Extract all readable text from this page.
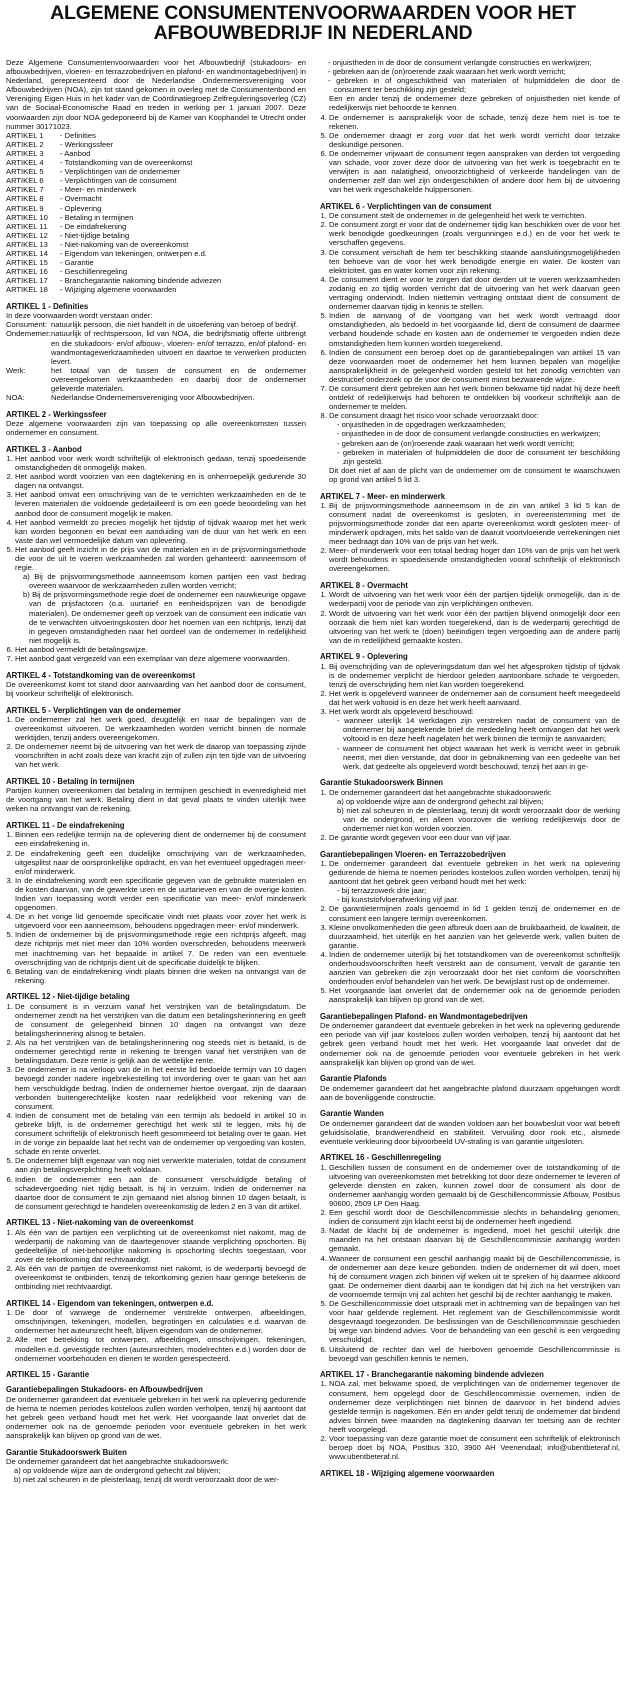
ALGEMENE CONSUMENTENVOORWAARDEN VOOR HET
AFBOUWBEDRIJF IN NEDERLAND

Deze Algemene Consumentenvoorwaarden voor het Afbouwbedrijf (stukadoors- en afbouwbedrijven, vloeren- en terrazzobedrijven en plafond- en wandmontagebedrijven) in Nederland, gerepresenteerd door de Nederlandse Ondernemersvereniging voor Afbouwbedrijven (NOA), zijn tot stand gekomen in overleg met de Consumentenbond en Vereniging Eigen Huis in het kader van de Coördinatiegroep Zelfreguleringsoverleg (CZ) van de Sociaal-Economische Raad en treden in werking per 1 januari 2007. Deze voorwaarden zijn door NOA gedeponeerd bij de Kamer van Koophandel te Utrecht onder nummer 30171023.

ARTIKEL 1	- Definities
ARTIKEL 2	- Werkingssfeer
ARTIKEL 3	- Aanbod
ARTIKEL 4	- Totstandkoming van de overeenkomst
ARTIKEL 5	- Verplichtingen van de ondernemer
ARTIKEL 6	- Verplichtingen van de consument
ARTIKEL 7	- Meer- en minderwerk
ARTIKEL 8	- Overmacht
ARTIKEL 9	- Oplevering
ARTIKEL 10	- Betaling in termijnen
ARTIKEL 11	- De eindafrekening
ARTIKEL 12	- Niet-tijdige betaling
ARTIKEL 13	- Niet-nakoming van de overeenkomst
ARTIKEL 14	- Eigendom van tekeningen, ontwerpen e.d.
ARTIKEL 15	- Garantie
ARTIKEL 16	- Geschillenregeling
ARTIKEL 17	- Branchegarantie nakoming bindende adviezen
ARTIKEL 18	- Wijziging algemene voorwaarden
ARTIKEL 1 - Definities

In deze voorwaarden wordt verstaan onder:

Consument: natuurlijk persoon, die niet handelt in de uitoefening van beroep of bedrijf.
Ondernemer: natuurlijk of rechtspersoon, lid van NOA, die bedrijfsmatig offerte uitbrengt en die stukadoors- en/of afbouw-, vloeren- en/of terrazzo, en/of plafond- en wandmontagewerkzaamheden uitvoert en daartoe te verwerken producten levert.
Werk:	het totaal van de tussen de consument en de ondernemer overeengekomen werkzaamheden en daarbij door de ondernemer geleverde materialen.
NOA:	Nederlandse Ondernemersvereniging voor Afbouwbedrijven.
ARTIKEL 2 - Werkingssfeer

Deze algemene voorwaarden zijn van toepassing op alle overeenkomsten tussen ondernemer en consument.

ARTIKEL 3 - Aanbod
1. Het aanbod voor werk wordt schriftelijk of elektronisch gedaan, tenzij spoedeisende omstandigheden dit onmogelijk maken.
2. Het aanbod wordt voorzien van een dagtekening en is onherroepelijk gedurende 30 dagen na ontvangst.
3. Het aanbod omvat een omschrijving van de te verrichten werkzaamheden en de te leveren materialen die voldoende gedetailleerd is om een goede beoordeling van het aanbod door de consument mogelijk te maken.
4. Het aanbod vermeldt zo precies mogelijk het tijdstip of tijdvak waarop met het werk kan worden begonnen en bevat een aanduiding van de duur van het werk en een vaste dan wel vermoedelijke datum van oplevering.
5. Het aanbod geeft inzicht in de prijs van de materialen en in de prijsvormingsmethode die voor de uit te voeren werkzaamheden zal worden gehanteerd: aanneemsom of regie.
a) Bij de prijsvormingsmethode aanneemsom komen partijen een vast bedrag overeen waarvoor de werkzaamheden zullen worden verricht;
b) Bij de prijsvormingsmethode regie doet de ondernemer een nauwkeurige opgave van de prijsfactoren (o.a. uurtarief en eenheidsprijzen van de benodigde materialen). De ondernemer geeft op verzoek van de consument een indicatie van de te verwachten uitvoeringskosten door het noemen van een richtprijs, tenzij dat in gegeven omstandigheden naar het oordeel van de ondernemer in redelijkheid niet mogelijk is.
6. Het aanbod vermeldt de betalingswijze.
7. Het aanbod gaat vergezeld van een exemplaar van deze algemene voorwaarden.
ARTIKEL 4 - Totstandkoming van de overeenkomst

De overeenkomst komt tot stand door aanvaarding van het aanbod door de consument, bij voorkeur schriftelijk of elektronisch.

ARTIKEL 5 - Verplichtingen van de ondernemer
1. De ondernemer zal het werk goed, deugdelijk en naar de bepalingen van de overeenkomst uitvoeren. De werkzaamheden worden verricht binnen de normale werktijden, tenzij anders overeengekomen.
2. De ondernemer neemt bij de uitvoering van het werk de daarop van toepassing zijnde voorschriften in acht zoals deze van kracht zijn of zullen zijn ten tijde van de uitvoering van het werk.
ARTIKEL 10 - Betaling in termijnen

Partijen kunnen overeenkomen dat betaling in termijnen geschiedt in evenredigheid met de voortgang van het werk. Betaling dient in dat geval plaats te vinden uiterlijk twee weken na ontvangst van de rekening.

ARTIKEL 11 - De eindafrekening
1. Binnen een redelijke termijn na de oplevering dient de ondernemer bij de consument een eindafrekening in.
2. De eindafrekening geeft een duidelijke omschrijving van de werkzaamheden, uitgesplitst naar de oorspronkelijke opdracht, en van het eventueel opgedragen meer- en/of minderwerk.
3. In de eindafrekening wordt een specificatie gegeven van de gebruikte materialen en de kosten daarvan, van de gewerkte uren en de uurtarieven en van de overige kosten. Indien van toepassing wordt verder een specificatie van meer- en/of minderwerk opgenomen.
4. De in het vorige lid genoemde specificatie vindt niet plaats voor zover het werk is uitgevoerd voor een aanneemsom, behoudens opgedragen meer- en/of minderwerk.
5. Indien de ondernemer bij de prijsvormingsmethode regie een richtprijs afgeeft, mag deze richtprijs met niet meer dan 10% worden overschreden, behoudens meerwerk met inachtneming van het bepaalde in artikel 7. De reden van een eventuele overschrijding van de richtprijs dient uit de specificatie duidelijk te blijken.
6. Betaling van de eindafrekening vindt plaats binnen drie weken na ontvangst van de rekening.
ARTIKEL 12 - Niet-tijdige betaling
1. De consument is in verzuim vanaf het verstrijken van de betalingsdatum. De ondernemer zendt na het verstrijken van die datum een betalingsherinnering en geeft de consument de gelegenheid binnen 10 dagen na ontvangst van deze betalingsherinnering alsnog te betalen.
2. Als na het verstrijken van de betalingsherinnering nog steeds niet is betaald, is de ondernemer gerechtigd rente in rekening te brengen vanaf het verstrijken van de betalingsdatum. Deze rente is gelijk aan de wettelijke rente.
3. De ondernemer is na verloop van de in het eerste lid bedoelde termijn van 10 dagen bevoegd zonder nadere ingebrekestelling tot invordering over te gaan van het aan hem verschuldigde bedrag. Indien de ondernemer hiertoe overgaat, zijn de daaraan verbonden buitengerechtelijke kosten naar redelijkheid voor rekening van de consument.
4. Indien de consument met de betaling van een termijn als bedoeld in artikel 10 in gebreke blijft, is de ondernemer gerechtigd het werk stil te leggen, mits hij de consument schriftelijk of elektronisch heeft gesommeerd tot betaling over te gaan. Het in de vorige zin bepaalde laat het recht van de ondernemer op vergoeding van kosten, schade en rente onverlet.
5. De ondernemer blijft eigenaar van nog niet verwerkte materialen, totdat de consument aan zijn betalingsverplichting heeft voldaan.
6. Indien de ondernemer een aan de consument verschuldigde betaling of schadevergoeding niet tijdig betaalt, is hij in verzuim. Indien de ondernemer na daartoe door de consument te zijn gemaand niet alsnog binnen 10 dagen betaalt, is de consument gerechtigd te handelen overeenkomstig de leden 2 en 3 van dit artikel.
ARTIKEL 13 - Niet-nakoming van de overeenkomst
1. Als één van de partijen een verplichting uit de overeenkomst niet nakomt, mag de wederpartij de nakoming van de daartegenover staande verplichting opschorten. Bij gedeeltelijke of niet-behoorlijke nakoming is opschorting slechts toegestaan, voor zover de tekortkoming dat rechtvaardigt.
2. Als één van de partijen de overeenkomst niet nakomt, is de wederpartij bevoegd de overeenkomst te ontbinden, tenzij de tekortkoming gezien haar geringe betekenis de ontbinding niet rechtvaardigt.
ARTIKEL 14 - Eigendom van tekeningen, ontwerpen e.d.
1. De door of vanwege de ondernemer verstrekte ontwerpen, afbeeldingen, omschrijvingen, tekeningen, modellen, begrotingen en calculaties e.d. waarvan de ondernemer het auteursrecht heeft, blijven eigendom van de ondernemer.
2. Alle met betrekking tot ontwerpen, afbeeldingen, omschrijvingen, tekeningen, modellen e.d. gevestigde rechten (auteursrechten, modelrechten e.d.) worden door de ondernemer voorbehouden en dienen te worden gerespecteerd.
ARTIKEL 15 - Garantie
Garantiebepalingen Stukadoors- en Afbouwbedrijven

De ondernemer garandeert dat eventuele gebreken in het werk na oplevering gedurende de hierna te noemen periodes kosteloos zullen worden verholpen, tenzij hij aantoont dat het gebrek geen verband houdt met het werk. Het voorgaande laat onverlet dat de ondernemer ook na de genoemde perioden voor eventuele gebreken in het werk aansprakelijk kan blijven op grond van de wet.

Garantie Stukadoorswerk Buiten

De ondernemer garandeert dat het aangebrachte stukadoorswerk:

a) op voldoende wijze aan de ondergrond gehecht zal blijven;
b) niet zal scheuren in de pleisterlaag, tenzij dit wordt veroorzaakt door de wer-
- onjuistheden in de door de consument verlangde constructies en werkwijzen;
- gebreken aan de (on)roerende zaak waaraan het werk wordt verricht;
- gebreken in of ongeschiktheid van materialen of hulpmiddelen die door de consument ter beschikking zijn gesteld;

Een en ander tenzij de ondernemer deze gebreken of onjuistheden niet kende of redelijkerwijs niet behoorde te kennen.

4. De ondernemer is aansprakelijk voor de schade, tenzij deze hem niet is toe te rekenen.
5. De ondernemer draagt er zorg voor dat het werk wordt verricht door terzake deskundige personen.
6. De ondernemer vrijwaart de consument tegen aanspraken van derden tot vergoeding van schade, voor zover deze door de uitvoering van het werk is toegebracht en te verwijten is aan nalatigheid, onvoorzichtigheid of verkeerde handelingen van de ondernemer zelf dan wel zijn ondergeschikten of andere door hem bij de uitvoering van het werk ingeschakelde hulppersonen.
ARTIKEL 6 - Verplichtingen van de consument
1. De consument stelt de ondernemer in de gelegenheid het werk te verrichten.
2. De consument zorgt er voor dat de ondernemer tijdig kan beschikken over de voor het werk benodigde goedkeuringen (zoals vergunningen e.d.) en de voor het werk te verschaffen gegevens.
3. De consument verschaft de hem ter beschikking staande aansluitingsmogelijkheden ten behoeve van de voor het werk benodigde energie en water. De kosten van elektriciteit, gas en water komen voor zijn rekening.
4. De consument dient er voor te zorgen dat door derden uit te voeren werkzaamheden zodanig en zo tijdig worden verricht dat de uitvoering van het werk daarvan geen vertraging ondervindt. Indien niettemin vertraging ontstaat dient de consument de ondernemer daarvan tijdig in kennis te stellen.
5. Indien de aanvang of de voortgang van het werk wordt vertraagd door omstandigheden, als bedoeld in het voorgaande lid, dient de consument de daarmee verband houdende schade en kosten aan de ondernemer te vergoeden indien deze omstandigheden hem kunnen worden toegerekend.
6. Indien de consument een beroep doet op de garantiebepalingen van artikel 15 van deze voorwaarden moet de ondernemer het hem kunnen bepalen van mogelijke aansprakelijkheid in de gelegenheid worden gesteld tot het zonodig verrichten van destructief onderzoek op de voor de consument minst bezwarende wijze.
7. De consument dient gebreken aan het werk binnen bekwame tijd nadat hij deze heeft ontdekt of redelijkerwijs had behoren te ontdekken bij voorkeur schriftelijk aan de ondernemer te melden.
8. De consument draagt het risico voor schade veroorzaakt door:
- onjuistheden in de opgedragen werkzaamheden;
- onjuistheden in de door de consument verlangde constructies en werkwijzen;
- gebreken aan de (on)roerende zaak waaraan het werk wordt verricht;
- gebreken in materialen of hulpmiddelen die door de consument ter beschikking zijn gesteld.

Dit doet niet af aan de plicht van de ondernemer om de consument te waarschuwen op grond van artikel 5 lid 3.

ARTIKEL 7 - Meer- en minderwerk
1. Bij de prijsvormingsmethode aanneemsom in de zin van artikel 3 lid 5 kan de consument nadat de overeenkomst is gesloten, in overeenstemming met de prijsvormingsmethode zonder dat een aparte overeenkomst wordt gesloten meer- of minderwerk opdragen, mits het saldo van de daaruit voortvloeiende verrekeningen niet meer bedraagt dan 10% van de prijs van het werk.
2. Meer- of minderwerk voor een totaal bedrag hoger dan 10% van de prijs van het werk wordt behoudens in spoedeisende omstandigheden vooraf schriftelijk of elektronisch overeengekomen.
ARTIKEL 8 - Overmacht
1. Wordt de uitvoering van het werk voor één der partijen tijdelijk onmogelijk, dan is de wederpartij voor de periode van zijn verplichtingen ontheven.
2. Wordt de uitvoering van het werk voor één der partijen blijvend onmogelijk door een oorzaak die hem niet kan worden toegerekend, dan is de wederpartij gerechtigd de uitvoering van het werk te (doen) beëindigen tegen vergoeding aan de andere partij van de in redelijkheid gemaakte kosten.
ARTIKEL 9 - Oplevering
1. Bij overschrijding van de opleveringsdatum dan wel het afgesproken tijdstip of tijdvak is de ondernemer verplicht de hierdoor geleden aantoonbare schade te vergoeden, tenzij de overschrijding hem niet kan worden toegerekend.
2. Het werk is opgeleverd wanneer de ondernemer aan de consument heeft meegedeeld dat het werk voltooid is en deze het werk heeft aanvaard.
3. Het werk wordt als opgeleverd beschouwd:
- wanneer uiterlijk 14 werkdagen zijn verstreken nadat de consument van de ondernemer bij aangetekende brief de mededeling heeft ontvangen dat het werk voltooid is en deze heeft nagelaten het werk binnen die termijn te aanvaarden;
- wanneer de consument het object waaraan het werk is verricht weer in gebruik neemt, met dien verstande, dat door in gebruikneming van een gedeelte van het werk, dat gedeelte als opgeleverd wordt beschouwd, tenzij het aan in ge-
Garantie Stukadoorswerk Binnen
1. De ondernemer garandeert dat het aangebrachte stukadoorswerk:
a) op voldoende wijze aan de ondergrond gehecht zal blijven;
b) niet zal scheuren in de pleisterlaag, tenzij dit wordt veroorzaakt door de werking van de ondergrond, en alleen voorzover die werking redelijkerwijs door de ondernemer niet kon worden voorzien.
2. De garantie wordt gegeven voor een duur van vijf jaar.
Garantiebepalingen Vloeren- en Terrazzobedrijven
1. De ondernemer garandeert dat eventuele gebreken in het werk na oplevering gedurende de hierna te noemen periodes kosteloos zullen worden verholpen, tenzij hij aantoont dat het gebrek geen verband houdt met het werk:
- bij terrazzowerk drie jaar;
- bij kunststofvloerafwerking vijf jaar.
2. De garantietermijnen zoals genoemd in lid 1 gelden tenzij de ondernemer en de consument een langere termijn overeenkomen.
3. Kleine onvolkomenheden die geen afbreuk doen aan de bruikbaarheid, de kwaliteit, de duurzaamheid, het uiterlijk en het aanzien van het geleverde werk, vallen buiten de garantie.
4. Indien de ondernemer uiterlijk bij het totstandkomen van de overeenkomst schriftelijk onderhoudsvoorschriften heeft verstrekt aan de consument, vervalt de garantie ten aanzien van gebreken die zijn veroorzaakt door het niet conform die voorschriften onderhouden en/of behandelen van het werk. De bewijslast rust op de ondernemer.
5. Het voorgaande laat onverlet dat de ondernemer ook na de genoemde perioden aansprakelijk kan blijven op grond van de wet.
Garantiebepalingen Plafond- en Wandmontagebedrijven

De ondernemer garandeert dat eventuele gebreken in het werk na oplevering gedurende een periode van vijf jaar kosteloos zullen worden verholpen, tenzij hij aantoont dat het gebrek geen verband houdt met het werk. Het voorgaande laat onverlet dat de ondernemer ook na de genoemde perioden voor eventuele gebreken in het werk aansprakelijk kan blijven op grond van de wet.

Garantie Plafonds

De ondernemer garandeert dat het aangebrachte plafond duurzaam opgehangen wordt aan de bovenliggende constructie.

Garantie Wanden

De ondernemer garandeert dat de wanden voldoen aan het bouwbesluit voor wat betreft geluidsisolatie, brandwerendheid en stabiliteit. Vervuiling door rook etc., alsmede eventuele verkleuring door bijvoorbeeld UV-straling is van garantie uitgesloten.

ARTIKEL 16 - Geschillenregeling
1. Geschillen tussen de consument en de ondernemer over de totstandkoming of de uitvoering van overeenkomsten met betrekking tot door deze ondernemer te leveren of geleverde diensten en zaken, kunnen zowel door de consument als door de ondernemer aanhangig worden gemaakt bij de Geschillencommissie Afbouw, Postbus 90600, 2509 LP Den Haag.
2. Een geschil wordt door de Geschillencommissie slechts in behandeling genomen, indien de consument zijn klacht eerst bij de ondernemer heeft ingediend.
3. Nadat de klacht bij de ondernemer is ingediend, moet het geschil uiterlijk drie maanden na het ontstaan daarvan bij de Geschillencommissie aanhangig worden gemaakt.
4. Wanneer de consument een geschil aanhangig maakt bij de Geschillencommissie, is de ondernemer aan deze keuze gebonden. Indien de ondernemer dit wil doen, moet hij de consument vragen zich binnen vijf weken uit te spreken of hij daarmee akkoord gaat. De ondernemer dient daarbij aan te kondigen dat hij zich na het verstrijken van de voornoemde termijn vrij zal achten het geschil bij de rechter aanhangig te maken.
5. De Geschillencommissie doet uitspraak met in achtneming van de bepalingen van het voor haar geldende reglement. Het reglement van de Geschillencommissie wordt desgevraagd toegezonden. De beslissingen van de Geschillencommissie geschieden bij wege van bindend advies. Voor de behandeling van een geschil is een vergoeding verschuldigd.
6. Uitsluitend de rechter dan wel de hierboven genoemde Geschillencommissie is bevoegd van geschillen kennis te nemen.
ARTIKEL 17 - Branchegarantie nakoming bindende adviezen
1. NOA zal, met bekwame spoed, de verplichtingen van de ondernemer tegenover de consument, hem opgelegd door de Geschillencommissie overnemen, indien de ondernemer deze verplichtingen niet binnen de daarvoor in het bindend advies gestelde termijn is nagekomen. Eén en ander geldt tenzij de ondernemer dat bindend advies binnen twee maanden na dagtekening daarvan ter toetsing aan de rechter heeft voorgelegd.
2. Voor toepassing van deze garantie moet de consument een schriftelijk of elektronisch beroep doet bij NOA, Postbus 310, 3900 AH Veenendaal; info@ubentbeteraf.nl, www.ubentbeteraf.nl.
ARTIKEL 18 - Wijziging algemene voorwaarden
